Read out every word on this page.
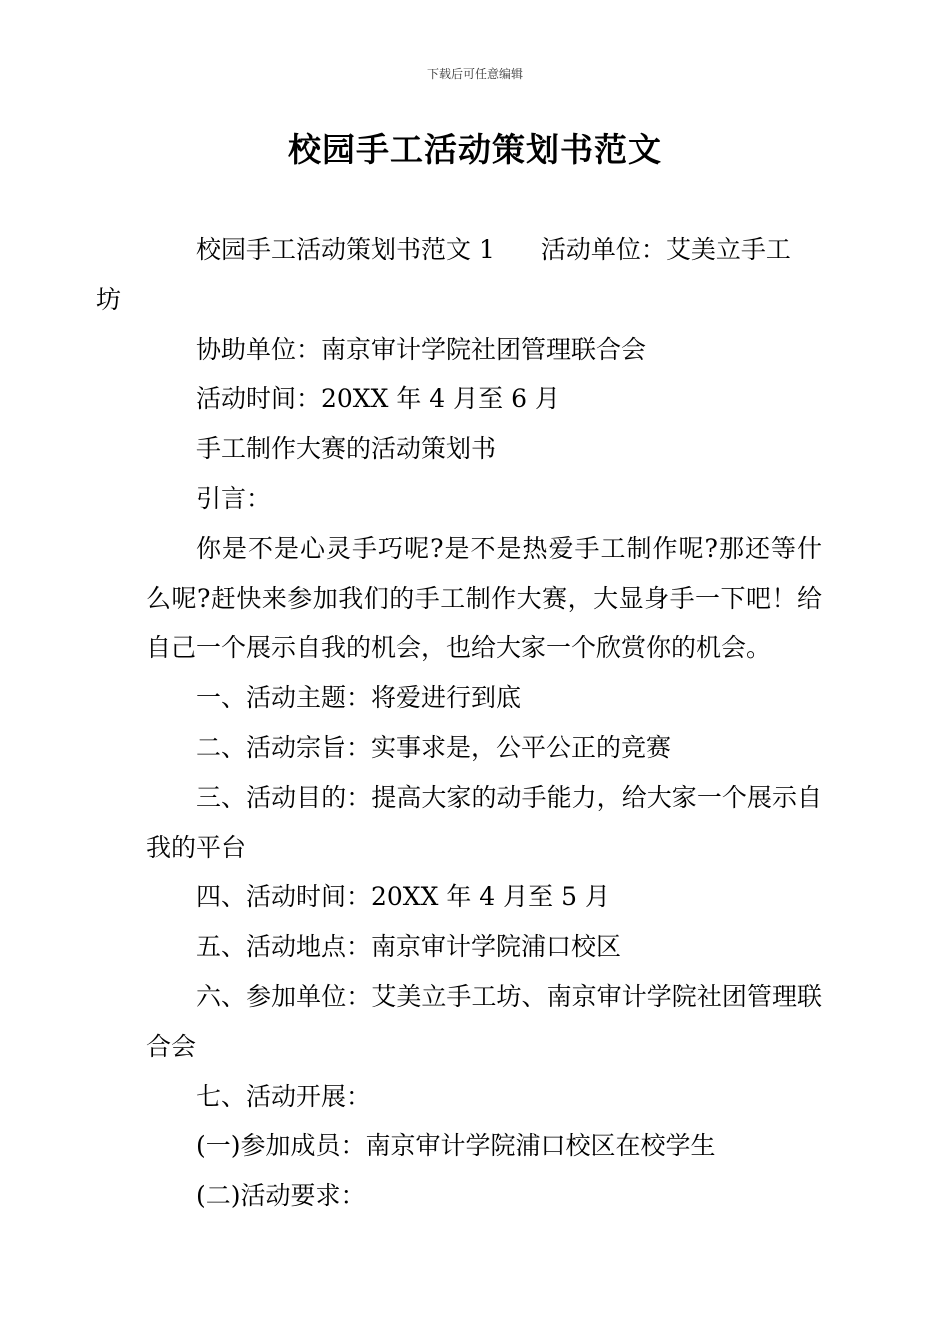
下载后可任意编辑
校园手工活动策划书范文

校园手工活动策划书范文 1 活动单位：艾美立手工
坊

协助单位：南京审计学院社团管理联合会

活动时间：20XX 年 4 月至 6 月

手工制作大赛的活动策划书

引言：

你是不是心灵手巧呢?是不是热爱手工制作呢?那还等什么呢?赶快来参加我们的手工制作大赛，大显身手一下吧！给自己一个展示自我的机会，也给大家一个欣赏你的机会。

一、活动主题：将爱进行到底

二、活动宗旨：实事求是，公平公正的竞赛

三、活动目的：提高大家的动手能力，给大家一个展示自我的平台

四、活动时间：20XX 年 4 月至 5 月

五、活动地点：南京审计学院浦口校区

六、参加单位：艾美立手工坊、南京审计学院社团管理联合会

七、活动开展：

(一)参加成员：南京审计学院浦口校区在校学生

(二)活动要求：
